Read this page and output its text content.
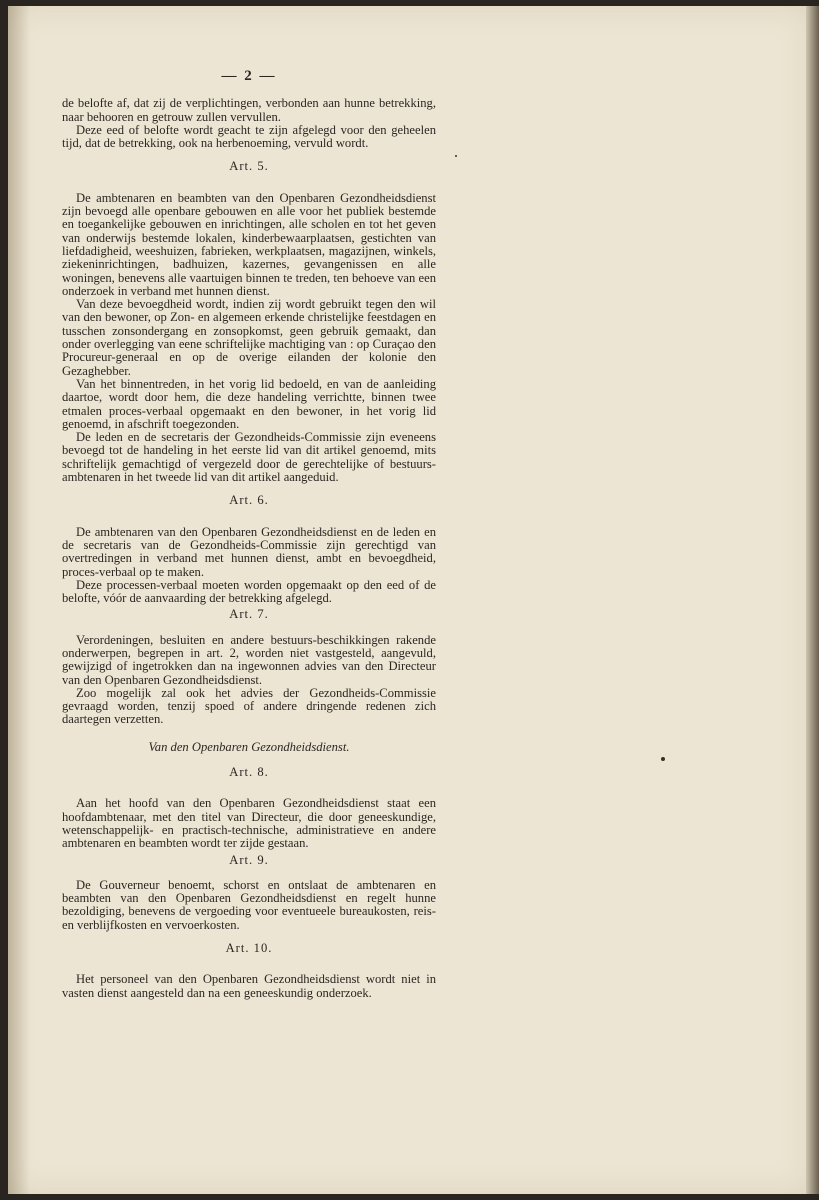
— 2 —
de belofte af, dat zij de verplichtingen, verbonden aan hunne betrekking, naar behooren en getrouw zullen vervullen.
Deze eed of belofte wordt geacht te zijn afgelegd voor den geheelen tijd, dat de betrekking, ook na herbenoeming, vervuld wordt.
Art. 5.
De ambtenaren en beambten van den Openbaren Gezondheidsdienst zijn bevoegd alle openbare gebouwen en alle voor het publiek bestemde en toegankelijke gebouwen en inrichtingen, alle scholen en tot het geven van onderwijs bestemde lokalen, kinderbewaarplaatsen, gestichten van liefdadigheid, weeshuizen, fabrieken, werkplaatsen, magazijnen, winkels, ziekeninrichtingen, badhuizen, kazernes, gevangenissen en alle woningen, benevens alle vaartuigen binnen te treden, ten behoeve van een onderzoek in verband met hunnen dienst.
Van deze bevoegdheid wordt, indien zij wordt gebruikt tegen den wil van den bewoner, op Zon- en algemeen erkende christelijke feestdagen en tusschen zonsondergang en zonsopkomst, geen gebruik gemaakt, dan onder overlegging van eene schriftelijke machtiging van : op Curaçao den Procureur-generaal en op de overige eilanden der kolonie den Gezaghebber.
Van het binnentreden, in het vorig lid bedoeld, en van de aanleiding daartoe, wordt door hem, die deze handeling verrichtte, binnen twee etmalen proces-verbaal opgemaakt en den bewoner, in het vorig lid genoemd, in afschrift toegezonden.
De leden en de secretaris der Gezondheids-Commissie zijn eveneens bevoegd tot de handeling in het eerste lid van dit artikel genoemd, mits schriftelijk gemachtigd of vergezeld door de gerechtelijke of bestuurs-ambtenaren in het tweede lid van dit artikel aangeduid.
Art. 6.
De ambtenaren van den Openbaren Gezondheidsdienst en de leden en de secretaris van de Gezondheids-Commissie zijn gerechtigd van overtredingen in verband met hunnen dienst, ambt en bevoegdheid, proces-verbaal op te maken.
Deze processen-verbaal moeten worden opgemaakt op den eed of de belofte, vóór de aanvaarding der betrekking afgelegd.
Art. 7.
Verordeningen, besluiten en andere bestuurs-beschikkingen rakende onderwerpen, begrepen in art. 2, worden niet vastgesteld, aangevuld, gewijzigd of ingetrokken dan na ingewonnen advies van den Directeur van den Openbaren Gezondheidsdienst.
Zoo mogelijk zal ook het advies der Gezondheids-Commissie gevraagd worden, tenzij spoed of andere dringende redenen zich daartegen verzetten.
Van den Openbaren Gezondheidsdienst.
Art. 8.
Aan het hoofd van den Openbaren Gezondheidsdienst staat een hoofdambtenaar, met den titel van Directeur, die door geneeskundige, wetenschappelijk- en practisch-technische, administratieve en andere ambtenaren en beambten wordt ter zijde gestaan.
Art. 9.
De Gouverneur benoemt, schorst en ontslaat de ambtenaren en beambten van den Openbaren Gezondheidsdienst en regelt hunne bezoldiging, benevens de vergoeding voor eventueele bureaukosten, reis- en verblijfkosten en vervoerkosten.
Art. 10.
Het personeel van den Openbaren Gezondheidsdienst wordt niet in vasten dienst aangesteld dan na een geneeskundig onderzoek.
